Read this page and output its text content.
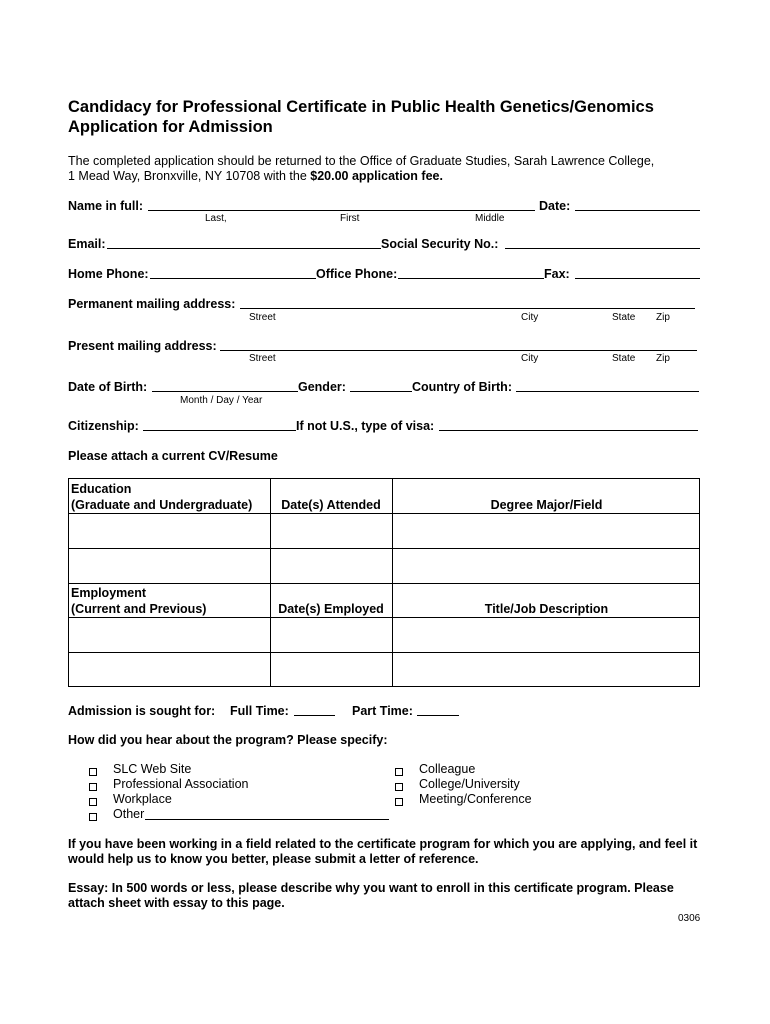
Candidacy for Professional Certificate in Public Health Genetics/Genomics
Application for Admission
The completed application should be returned to the Office of Graduate Studies, Sarah Lawrence College,
1 Mead Way, Bronxville, NY 10708 with the $20.00 application fee.
Name in full:	Date:
Last,	First	Middle
Email:	Social Security No.:
Home Phone:	Office Phone:	Fax:
Permanent mailing address:
Street	City	State Zip
Present mailing address:
Street	City	State Zip
Date of Birth:	Gender:	Country of Birth:
Month / Day / Year
Citizenship:	If not U.S., type of visa:
Please attach a current CV/Resume
Education
(Graduate and Undergraduate)	Date(s) Attended	Degree Major/Field
Employment
(Current and Previous)	Date(s) Employed	Title/Job Description
Admission is sought for: Full Time:	Part Time:
How did you hear about the program? Please specify:
SLC Web Site
Professional Association
Workplace
Other
Colleague
College/University
Meeting/Conference
If you have been working in a field related to the certificate program for which you are applying, and feel it
would help us to know you better, please submit a letter of reference.
Essay: In 500 words or less, please describe why you want to enroll in this certificate program. Please
attach sheet with essay to this page.
0306
